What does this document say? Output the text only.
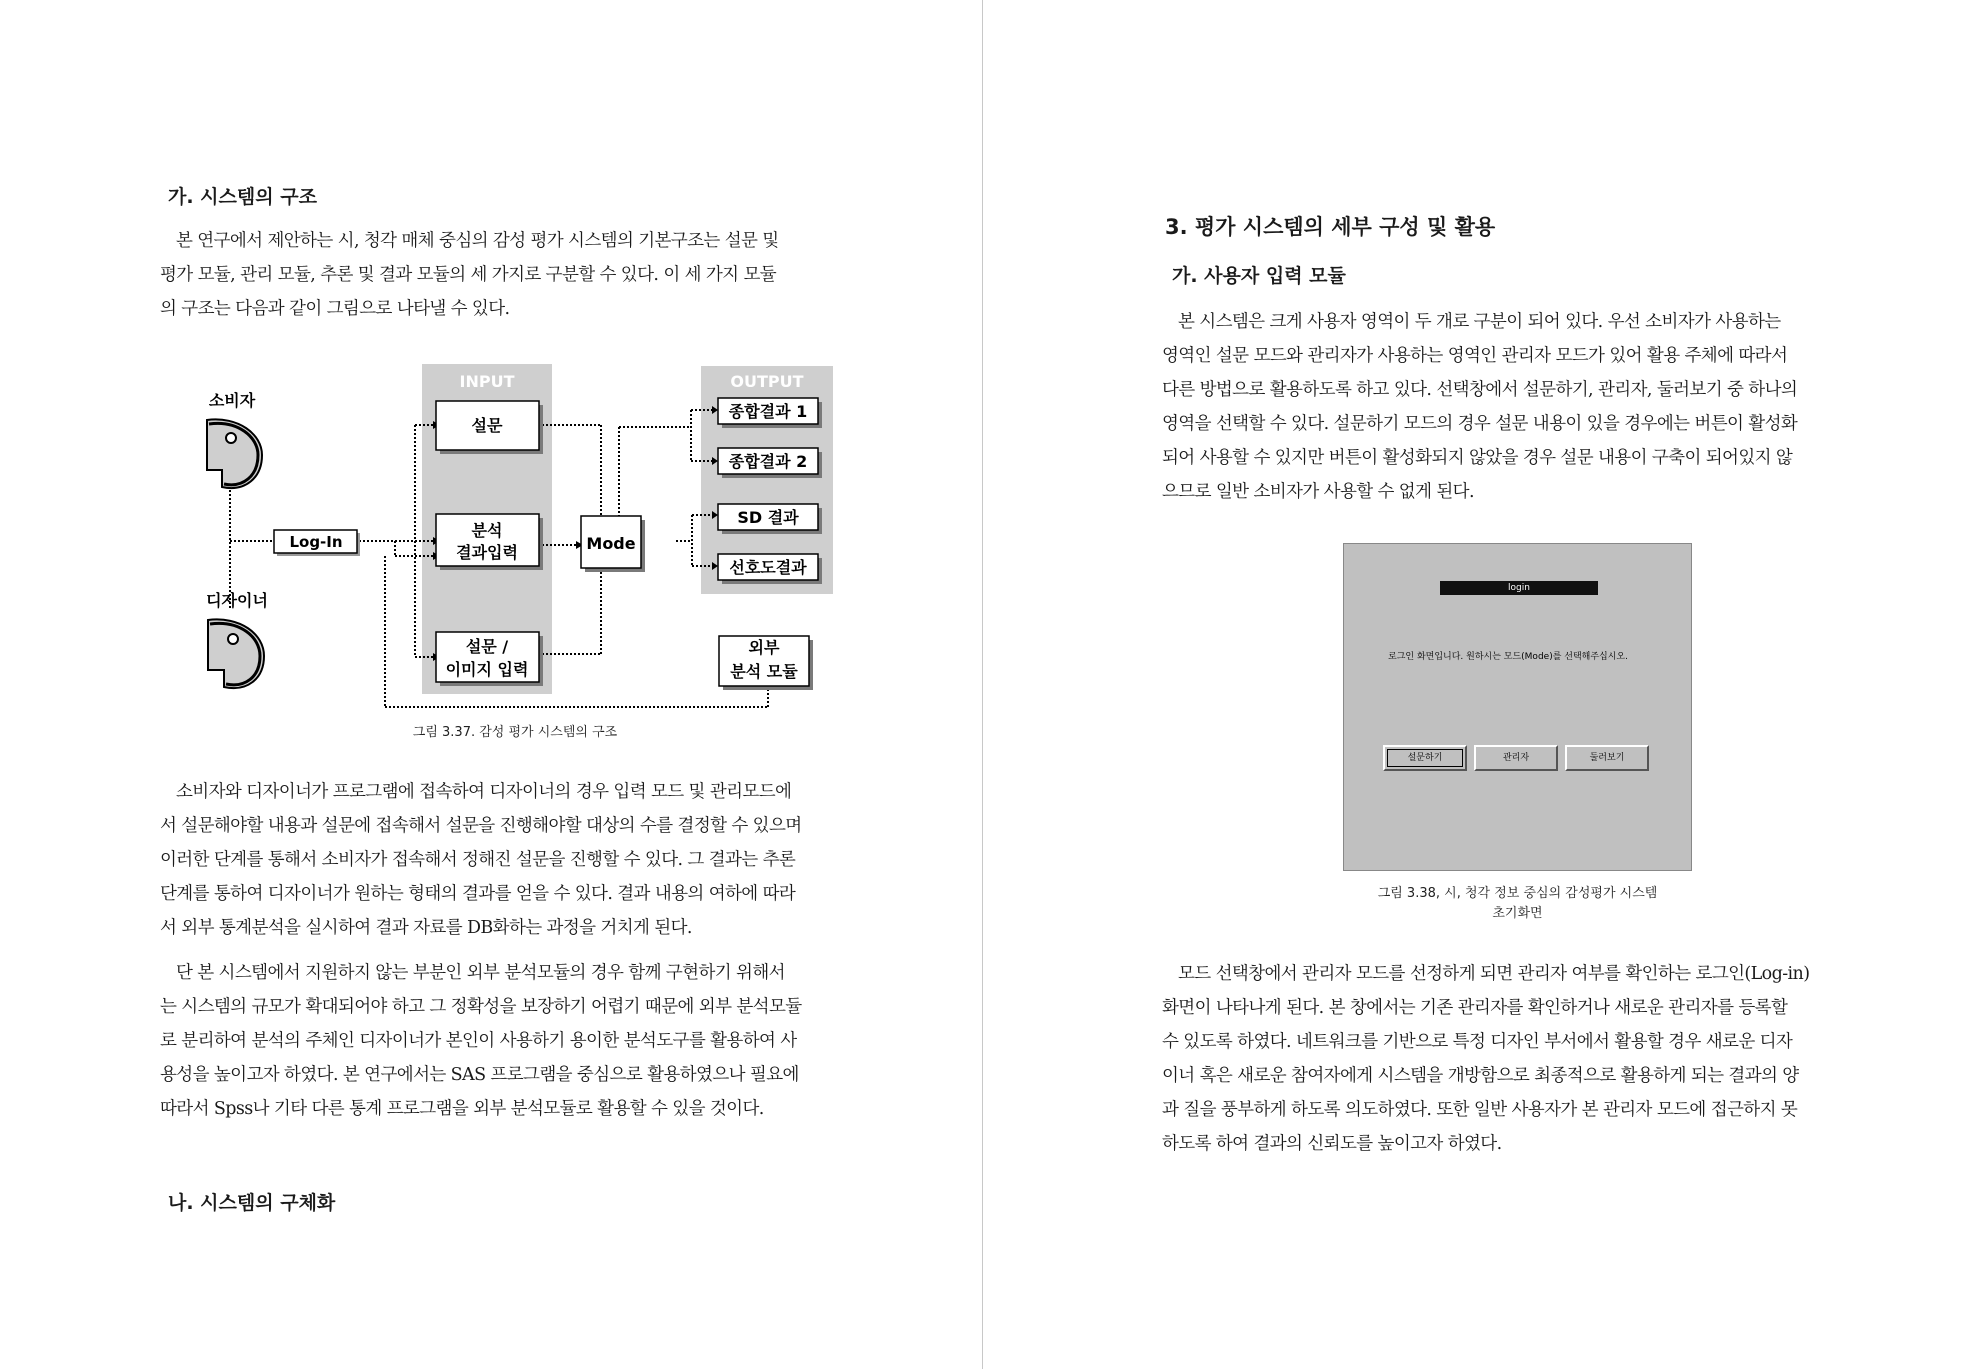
가. 시스템의 구조

본 연구에서 제안하는 시, 청각 매체 중심의 감성 평가 시스템의 기본구조는 설문 및
평가 모듈, 관리 모듈, 추론 및 결과 모듈의 세 가지로 구분할 수 있다. 이 세 가지 모듈
의 구조는 다음과 같이 그림으로 나타낼 수 있다.

INPUT	OUTPUT
소비자
디자이너
Log-In
설문
분석
결과입력
설문 /
이미지 입력
Mode
종합결과 1
종합결과 2
SD 결과
선호도결과
외부
분석 모듈

그림 3.37. 감성 평가 시스템의 구조

소비자와 디자이너가 프로그램에 접속하여 디자이너의 경우 입력 모드 및 관리모드에
서 설문해야할 내용과 설문에 접속해서 설문을 진행해야할 대상의 수를 결정할 수 있으며
이러한 단계를 통해서 소비자가 접속해서 정해진 설문을 진행할 수 있다. 그 결과는 추론
단계를 통하여 디자이너가 원하는 형태의 결과를 얻을 수 있다. 결과 내용의 여하에 따라
서 외부 통계분석을 실시하여 결과 자료를 DB화하는 과정을 거치게 된다.

단 본 시스템에서 지원하지 않는 부분인 외부 분석모듈의 경우 함께 구현하기 위해서
는 시스템의 규모가 확대되어야 하고 그 정확성을 보장하기 어렵기 때문에 외부 분석모듈
로 분리하여 분석의 주체인 디자이너가 본인이 사용하기 용이한 분석도구를 활용하여 사
용성을 높이고자 하였다. 본 연구에서는 SAS 프로그램을 중심으로 활용하였으나 필요에
따라서 Spss나 기타 다른 통계 프로그램을 외부 분석모듈로 활용할 수 있을 것이다.

나. 시스템의 구체화
3. 평가 시스템의 세부 구성 및 활용
가. 사용자 입력 모듈

본 시스템은 크게 사용자 영역이 두 개로 구분이 되어 있다. 우선 소비자가 사용하는
영역인 설문 모드와 관리자가 사용하는 영역인 관리자 모드가 있어 활용 주체에 따라서
다른 방법으로 활용하도록 하고 있다. 선택창에서 설문하기, 관리자, 둘러보기 중 하나의
영역을 선택할 수 있다. 설문하기 모드의 경우 설문 내용이 있을 경우에는 버튼이 활성화
되어 사용할 수 있지만 버튼이 활성화되지 않았을 경우 설문 내용이 구축이 되어있지 않
으므로 일반 소비자가 사용할 수 없게 된다.

login
로그인 화면입니다. 원하시는 모드(Mode)를 선택해주십시오.
설문하기	관리자	둘러보기

그림 3.38, 시, 청각 정보 중심의 감성평가 시스템
초기화면

모드 선택창에서 관리자 모드를 선정하게 되면 관리자 여부를 확인하는 로그인(Log-in)
화면이 나타나게 된다. 본 창에서는 기존 관리자를 확인하거나 새로운 관리자를 등록할
수 있도록 하였다. 네트워크를 기반으로 특정 디자인 부서에서 활용할 경우 새로운 디자
이너 혹은 새로운 참여자에게 시스템을 개방함으로 최종적으로 활용하게 되는 결과의 양
과 질을 풍부하게 하도록 의도하였다. 또한 일반 사용자가 본 관리자 모드에 접근하지 못
하도록 하여 결과의 신뢰도를 높이고자 하였다.
